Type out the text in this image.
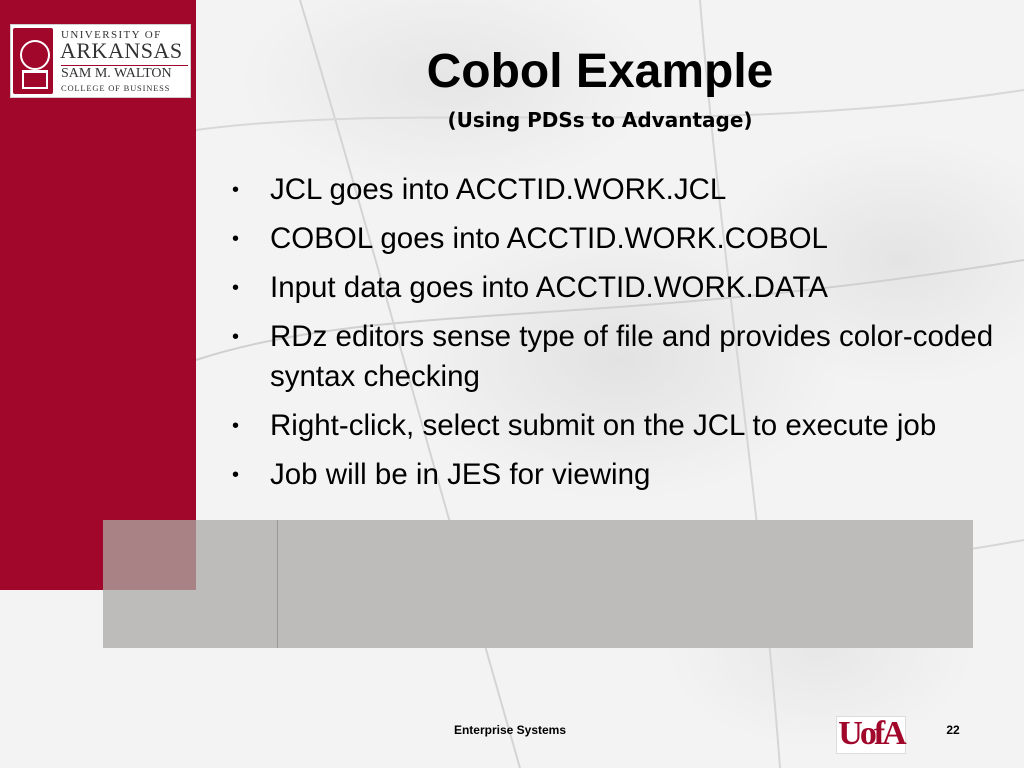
UNIVERSITY OF
ARKANSAS
SAM M. WALTON
COLLEGE OF BUSINESS	Cobol Example
(Using PDSs to Advantage)
• JCL goes into ACCTID.WORK.JCL
• COBOL goes into ACCTID.WORK.COBOL
• Input data goes into ACCTID.WORK.DATA
• RDz editors sense type of file and provides color-coded syntax checking
• Right-click, select submit on the JCL to execute job
• Job will be in JES for viewing
Enterprise Systems	UofA	22
